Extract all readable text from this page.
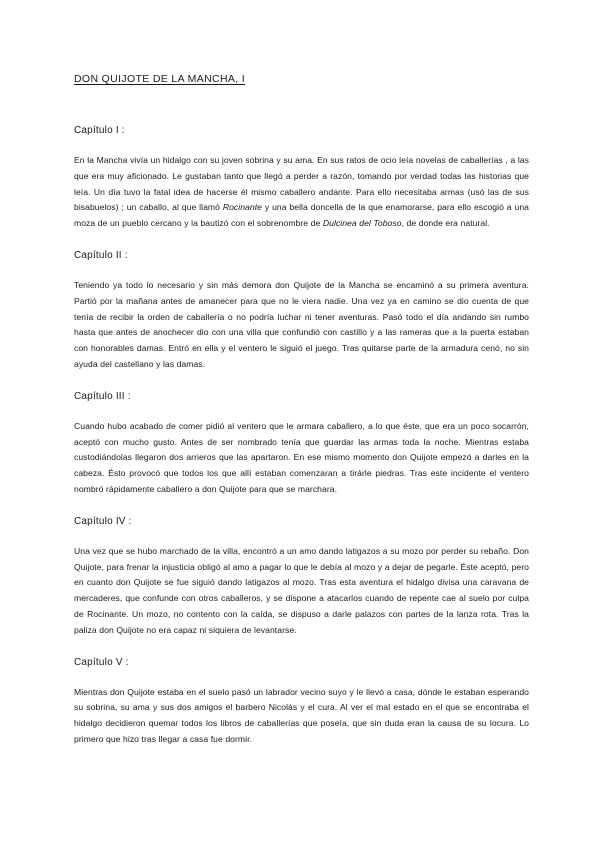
DON QUIJOTE DE LA MANCHA, I
Capítulo I :

En la Mancha vivía un hidalgo con su joven sobrina y su ama. En sus ratos de ocio leía novelas de caballerías , a las que era muy aficionado. Le gustaban tanto que llegó a perder a razón, tomando por verdad todas las historias que leía. Un día tuvo la fatal idea de hacerse él mismo caballero andante. Para ello necesitaba armas (usó las de sus bisabuelos) ; un caballo, al que llamó Rocinante y una bella doncella de la que enamorarse, para ello escogió a una moza de un pueblo cercano y la bautizó con el sobrenombre de Dulcinea del Toboso, de donde era natural.

Capítulo II :

Teniendo ya todo lo necesario y sin más demora don Quijote de la Mancha se encaminó a su primera aventura. Partió por la mañana antes de amanecer para que no le viera nadie. Una vez ya en camino se dio cuenta de que tenía de recibir la orden de caballería o no podría luchar ni tener aventuras. Pasó todo el día andando sin rumbo hasta que antes de anochecer dio con una villa que confundió con castillo y a las rameras que a la puerta estaban con honorables damas. Entró en ella y el ventero le siguió el juego. Tras quitarse parte de la armadura cenó, no sin ayuda del castellano y las damas.

Capítulo III :

Cuando hubo acabado de comer pidió al ventero que le armara caballero, a lo que éste, que era un poco socarrón, aceptó con mucho gusto. Antes de ser nombrado tenía que guardar las armas toda la noche. Mientras estaba custodiándolas llegaron dos arrieros que las apartaron. En ese mismo momento don Quijote empezó a darles en la cabeza. Ésto provocó que todos los que allí estaban comenzaran a tirárle piedras. Tras este incidente el ventero nombró rápidamente caballero a don Quijote para que se marchara.

Capítulo IV :

Una vez que se hubo marchado de la villa, encontró a un amo dando latigazos a su mozo por perder su rebaño. Don Quijote, para frenar la injusticia obligó al amo a pagar lo que le debía al mozo y a dejar de pegarle. Éste aceptó, pero en cuanto don Quijote se fue siguió dando latigazos al mozo. Tras esta aventura el hidalgo divisa una caravana de mercaderes, que confunde con otros caballeros, y se dispone a atacarlos cuando de repente cae al suelo por culpa de Rocinante. Un mozo, no contento con la caída, se dispuso a darle palazos con partes de la lanza rota. Tras la paliza don Quijote no era capaz ni siquiera de levantarse.

Capítulo V :

Mientras don Quijote estaba en el suelo pasó un labrador vecino suyo y le llevó a casa, dónde le estaban esperando su sobrina, su ama y sus dos amigos el barbero Nicolás y el cura. Al ver el mal estado en el que se encontraba el hidalgo decidieron quemar todos los libros de caballerías que poseía, que sin duda eran la causa de su locura. Lo primero que hizo tras llegar a casa fue dormir.
